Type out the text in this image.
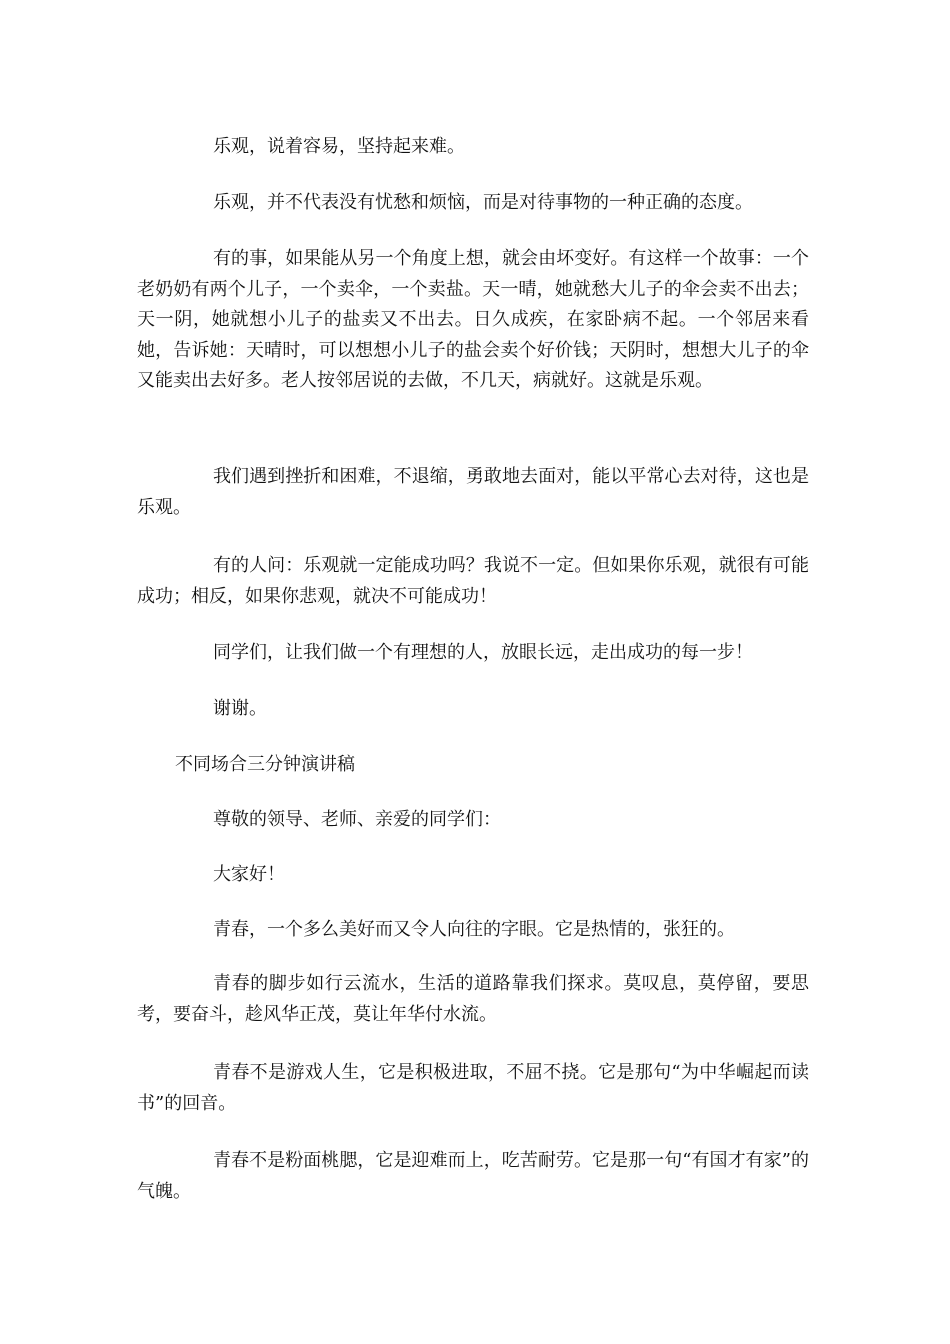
乐观，说着容易，坚持起来难。

乐观，并不代表没有忧愁和烦恼，而是对待事物的一种正确的态度。

有的事，如果能从另一个角度上想，就会由坏变好。有这样一个故事：一个老奶奶有两个儿子，一个卖伞，一个卖盐。天一晴，她就愁大儿子的伞会卖不出去；天一阴，她就想小儿子的盐卖又不出去。日久成疾，在家卧病不起。一个邻居来看她，告诉她：天晴时，可以想想小儿子的盐会卖个好价钱；天阴时，想想大儿子的伞又能卖出去好多。老人按邻居说的去做，不几天，病就好。这就是乐观。

我们遇到挫折和困难，不退缩，勇敢地去面对，能以平常心去对待，这也是乐观。

有的人问：乐观就一定能成功吗？我说不一定。但如果你乐观，就很有可能成功；相反，如果你悲观，就决不可能成功！

同学们，让我们做一个有理想的人，放眼长远，走出成功的每一步！

谢谢。

不同场合三分钟演讲稿

尊敬的领导、老师、亲爱的同学们：

大家好！

青春，一个多么美好而又令人向往的字眼。它是热情的，张狂的。

青春的脚步如行云流水，生活的道路靠我们探求。莫叹息，莫停留，要思考，要奋斗，趁风华正茂，莫让年华付水流。

青春不是游戏人生，它是积极进取，不屈不挠。它是那句“为中华崛起而读书”的回音。

青春不是粉面桃腮，它是迎难而上，吃苦耐劳。它是那一句“有国才有家”的气魄。
